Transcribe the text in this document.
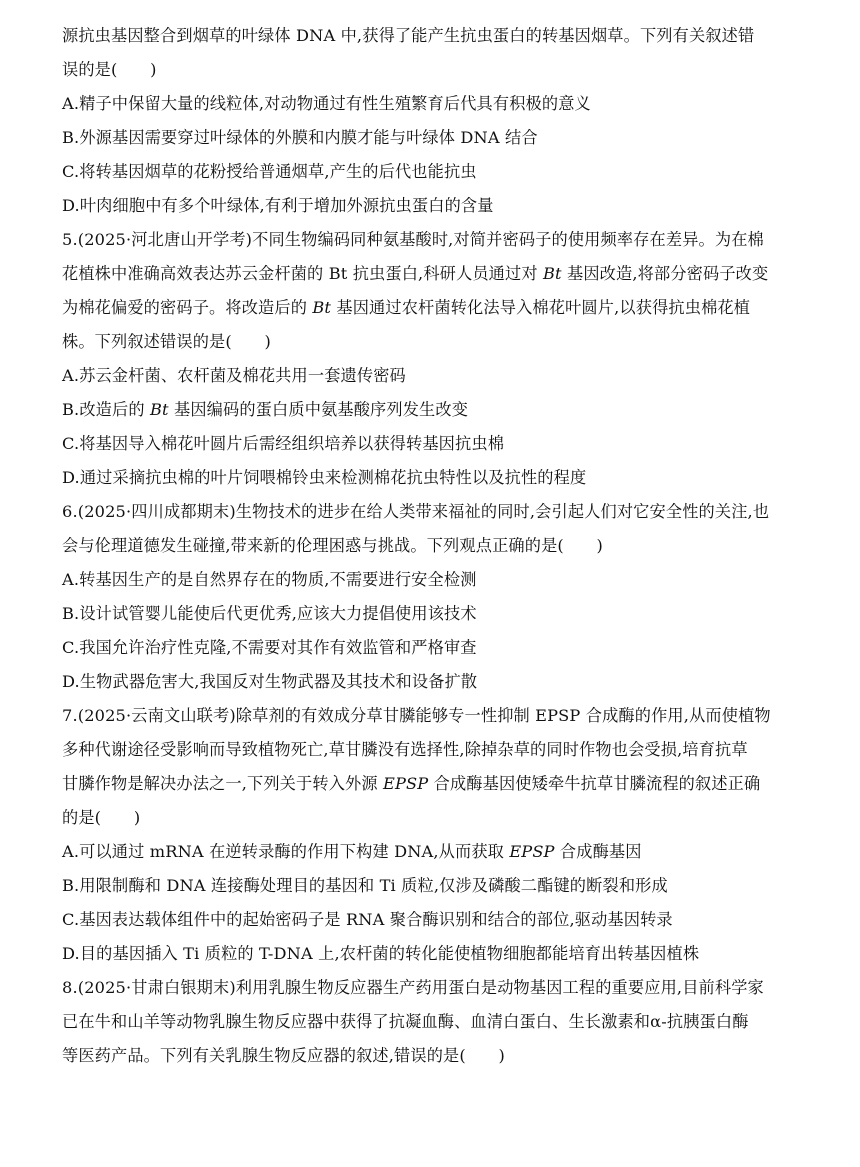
源抗虫基因整合到烟草的叶绿体 DNA 中,获得了能产生抗虫蛋白的转基因烟草。下列有关叙述错
误的是(　　)
A.精子中保留大量的线粒体,对动物通过有性生殖繁育后代具有积极的意义
B.外源基因需要穿过叶绿体的外膜和内膜才能与叶绿体 DNA 结合
C.将转基因烟草的花粉授给普通烟草,产生的后代也能抗虫
D.叶肉细胞中有多个叶绿体,有利于增加外源抗虫蛋白的含量
5.(2025·河北唐山开学考)不同生物编码同种氨基酸时,对简并密码子的使用频率存在差异。为在棉
花植株中准确高效表达苏云金杆菌的 Bt 抗虫蛋白,科研人员通过对 Bt 基因改造,将部分密码子改变
为棉花偏爱的密码子。将改造后的 Bt 基因通过农杆菌转化法导入棉花叶圆片,以获得抗虫棉花植
株。下列叙述错误的是(　　)
A.苏云金杆菌、农杆菌及棉花共用一套遗传密码
B.改造后的 Bt 基因编码的蛋白质中氨基酸序列发生改变
C.将基因导入棉花叶圆片后需经组织培养以获得转基因抗虫棉
D.通过采摘抗虫棉的叶片饲喂棉铃虫来检测棉花抗虫特性以及抗性的程度
6.(2025·四川成都期末)生物技术的进步在给人类带来福祉的同时,会引起人们对它安全性的关注,也
会与伦理道德发生碰撞,带来新的伦理困惑与挑战。下列观点正确的是(　　)
A.转基因生产的是自然界存在的物质,不需要进行安全检测
B.设计试管婴儿能使后代更优秀,应该大力提倡使用该技术
C.我国允许治疗性克隆,不需要对其作有效监管和严格审查
D.生物武器危害大,我国反对生物武器及其技术和设备扩散
7.(2025·云南文山联考)除草剂的有效成分草甘膦能够专一性抑制 EPSP 合成酶的作用,从而使植物
多种代谢途径受影响而导致植物死亡,草甘膦没有选择性,除掉杂草的同时作物也会受损,培育抗草
甘膦作物是解决办法之一,下列关于转入外源 EPSP 合成酶基因使矮牵牛抗草甘膦流程的叙述正确
的是(　　)
A.可以通过 mRNA 在逆转录酶的作用下构建 DNA,从而获取 EPSP 合成酶基因
B.用限制酶和 DNA 连接酶处理目的基因和 Ti 质粒,仅涉及磷酸二酯键的断裂和形成
C.基因表达载体组件中的起始密码子是 RNA 聚合酶识别和结合的部位,驱动基因转录
D.目的基因插入 Ti 质粒的 T-DNA 上,农杆菌的转化能使植物细胞都能培育出转基因植株
8.(2025·甘肃白银期末)利用乳腺生物反应器生产药用蛋白是动物基因工程的重要应用,目前科学家
已在牛和山羊等动物乳腺生物反应器中获得了抗凝血酶、血清白蛋白、生长激素和α-抗胰蛋白酶
等医药产品。下列有关乳腺生物反应器的叙述,错误的是(　　)
